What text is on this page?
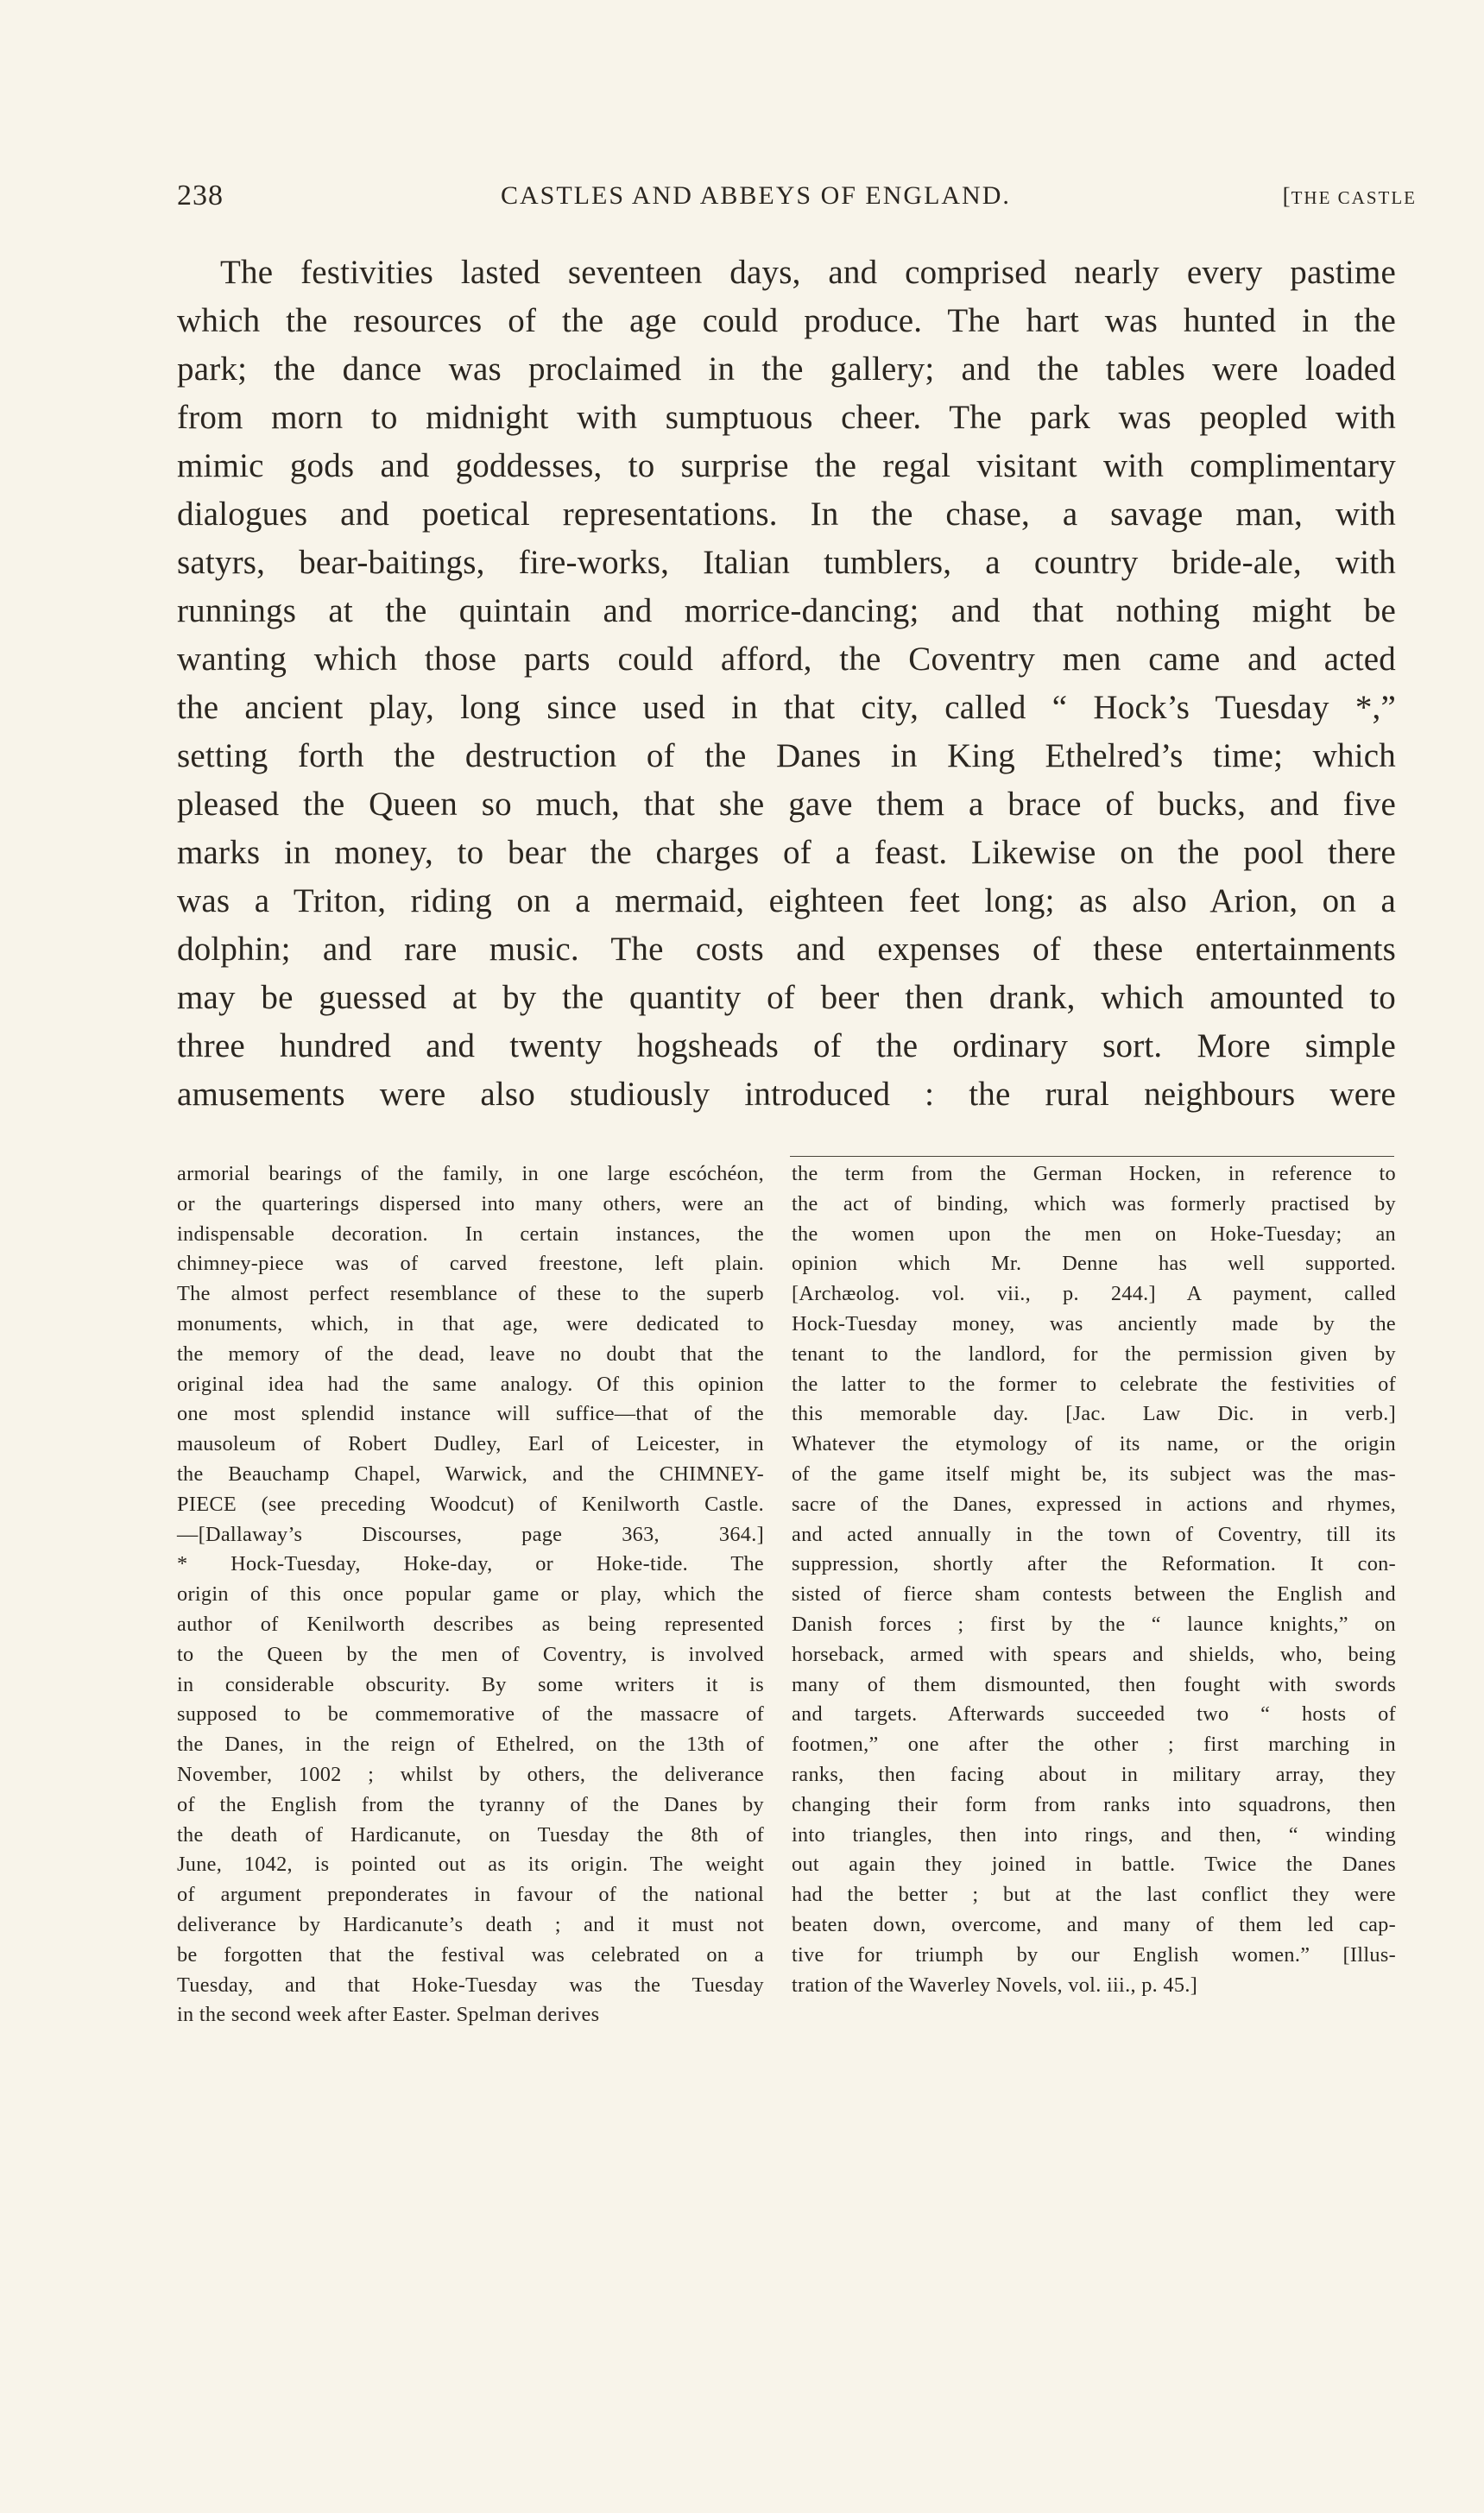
238	CASTLES AND ABBEYS OF ENGLAND.	[THE CASTLE
The festivities lasted seventeen days, and comprised nearly every pastime
which the resources of the age could produce. The hart was hunted in the
park; the dance was proclaimed in the gallery; and the tables were loaded
from morn to midnight with sumptuous cheer. The park was peopled with
mimic gods and goddesses, to surprise the regal visitant with complimentary
dialogues and poetical representations. In the chase, a savage man, with
satyrs, bear-baitings, fire-works, Italian tumblers, a country bride-ale, with
runnings at the quintain and morrice-dancing; and that nothing might be
wanting which those parts could afford, the Coventry men came and acted
the ancient play, long since used in that city, called “ Hock’s Tuesday *,”
setting forth the destruction of the Danes in King Ethelred’s time; which
pleased the Queen so much, that she gave them a brace of bucks, and five
marks in money, to bear the charges of a feast. Likewise on the pool there
was a Triton, riding on a mermaid, eighteen feet long; as also Arion, on a
dolphin; and rare music. The costs and expenses of these entertainments
may be guessed at by the quantity of beer then drank, which amounted to
three hundred and twenty hogsheads of the ordinary sort. More simple
amusements were also studiously introduced : the rural neighbours were
armorial bearings of the family, in one large escóchéon,
or the quarterings dispersed into many others, were an
indispensable decoration. In certain instances, the
chimney-piece was of carved freestone, left plain.
The almost perfect resemblance of these to the superb
monuments, which, in that age, were dedicated to
the memory of the dead, leave no doubt that the
original idea had the same analogy. Of this opinion
one most splendid instance will suffice—that of the
mausoleum of Robert Dudley, Earl of Leicester, in
the Beauchamp Chapel, Warwick, and the CHIMNEY-
PIECE (see preceding Woodcut) of Kenilworth Castle.
—[Dallaway’s Discourses, page 363, 364.]
* Hock-Tuesday, Hoke-day, or Hoke-tide. The
origin of this once popular game or play, which the
author of Kenilworth describes as being represented
to the Queen by the men of Coventry, is involved
in considerable obscurity. By some writers it is
supposed to be commemorative of the massacre of
the Danes, in the reign of Ethelred, on the 13th of
November, 1002 ; whilst by others, the deliverance
of the English from the tyranny of the Danes by
the death of Hardicanute, on Tuesday the 8th of
June, 1042, is pointed out as its origin. The weight
of argument preponderates in favour of the national
deliverance by Hardicanute’s death ; and it must not
be forgotten that the festival was celebrated on a
Tuesday, and that Hoke-Tuesday was the Tuesday
in the second week after Easter. Spelman derives
the term from the German Hocken, in reference to
the act of binding, which was formerly practised by
the women upon the men on Hoke-Tuesday; an
opinion which Mr. Denne has well supported.
[Archæolog. vol. vii., p. 244.] A payment, called
Hock-Tuesday money, was anciently made by the
tenant to the landlord, for the permission given by
the latter to the former to celebrate the festivities of
this memorable day. [Jac. Law Dic. in verb.]
Whatever the etymology of its name, or the origin
of the game itself might be, its subject was the mas-
sacre of the Danes, expressed in actions and rhymes,
and acted annually in the town of Coventry, till its
suppression, shortly after the Reformation. It con-
sisted of fierce sham contests between the English and
Danish forces ; first by the “ launce knights,” on
horseback, armed with spears and shields, who, being
many of them dismounted, then fought with swords
and targets. Afterwards succeeded two “ hosts of
footmen,” one after the other ; first marching in
ranks, then facing about in military array, they
changing their form from ranks into squadrons, then
into triangles, then into rings, and then, “ winding
out again they joined in battle. Twice the Danes
had the better ; but at the last conflict they were
beaten down, overcome, and many of them led cap-
tive for triumph by our English women.” [Illus-
tration of the Waverley Novels, vol. iii., p. 45.]
